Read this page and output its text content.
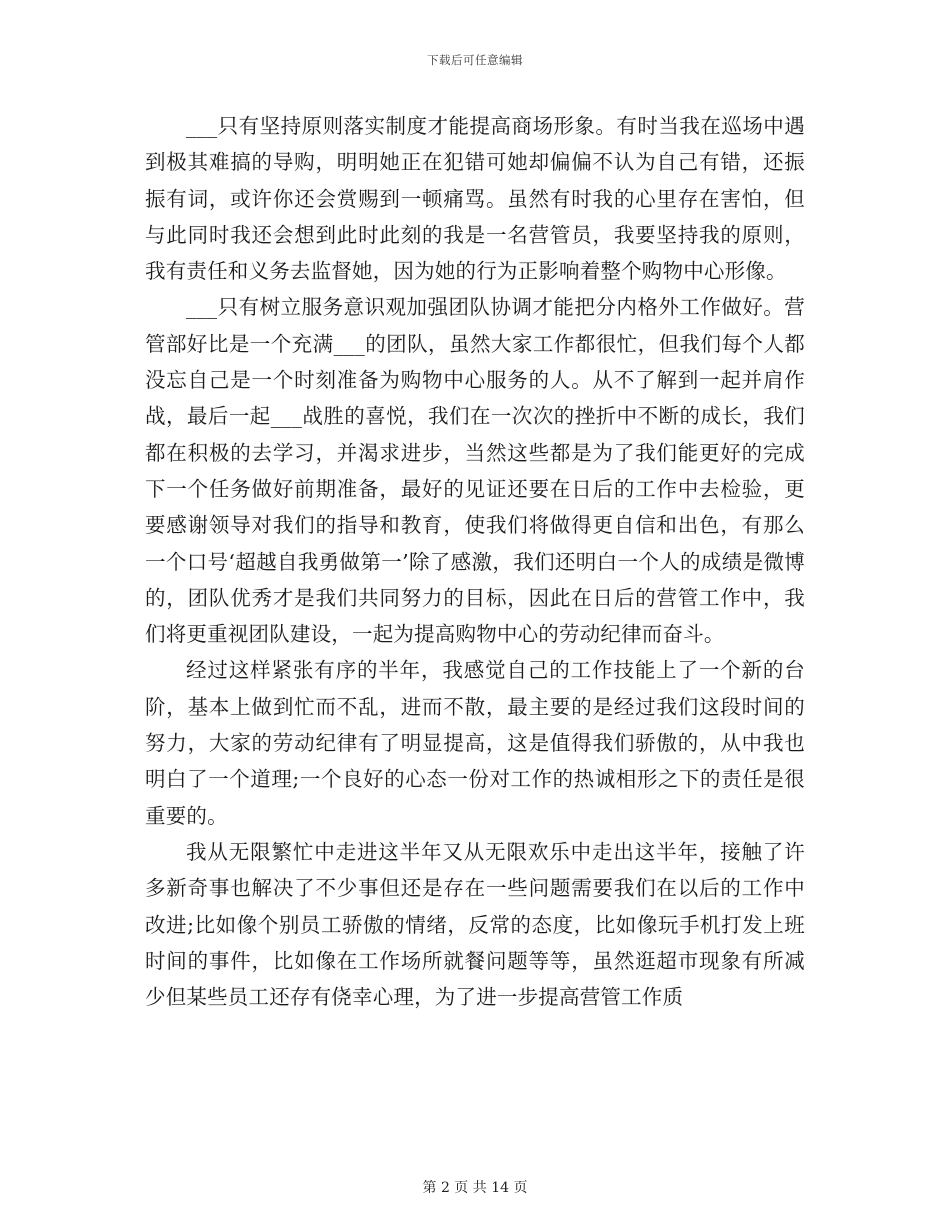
下载后可任意编辑

___只有坚持原则落实制度才能提高商场形象。有时当我在巡场中遇到极其难搞的导购，明明她正在犯错可她却偏偏不认为自己有错，还振振有词，或许你还会赏赐到一顿痛骂。虽然有时我的心里存在害怕，但与此同时我还会想到此时此刻的我是一名营管员，我要坚持我的原则，我有责任和义务去监督她，因为她的行为正影响着整个购物中心形像。

___只有树立服务意识观加强团队协调才能把分内格外工作做好。营管部好比是一个充满___的团队，虽然大家工作都很忙，但我们每个人都没忘自己是一个时刻准备为购物中心服务的人。从不了解到一起并肩作战，最后一起___战胜的喜悦，我们在一次次的挫折中不断的成长，我们都在积极的去学习，并渴求进步，当然这些都是为了我们能更好的完成下一个任务做好前期准备，最好的见证还要在日后的工作中去检验，更要感谢领导对我们的指导和教育，使我们将做得更自信和出色，有那么一个口号‘超越自我勇做第一’除了感激，我们还明白一个人的成绩是微博的，团队优秀才是我们共同努力的目标，因此在日后的营管工作中，我们将更重视团队建设，一起为提高购物中心的劳动纪律而奋斗。

经过这样紧张有序的半年，我感觉自己的工作技能上了一个新的台阶，基本上做到忙而不乱，进而不散，最主要的是经过我们这段时间的努力，大家的劳动纪律有了明显提高，这是值得我们骄傲的，从中我也明白了一个道理;一个良好的心态一份对工作的热诚相形之下的责任是很重要的。

我从无限繁忙中走进这半年又从无限欢乐中走出这半年，接触了许多新奇事也解决了不少事但还是存在一些问题需要我们在以后的工作中改进;比如像个别员工骄傲的情绪，反常的态度，比如像玩手机打发上班时间的事件，比如像在工作场所就餐问题等等，虽然逛超市现象有所减少但某些员工还存有侥幸心理，为了进一步提高营管工作质

第 2 页 共 14 页
